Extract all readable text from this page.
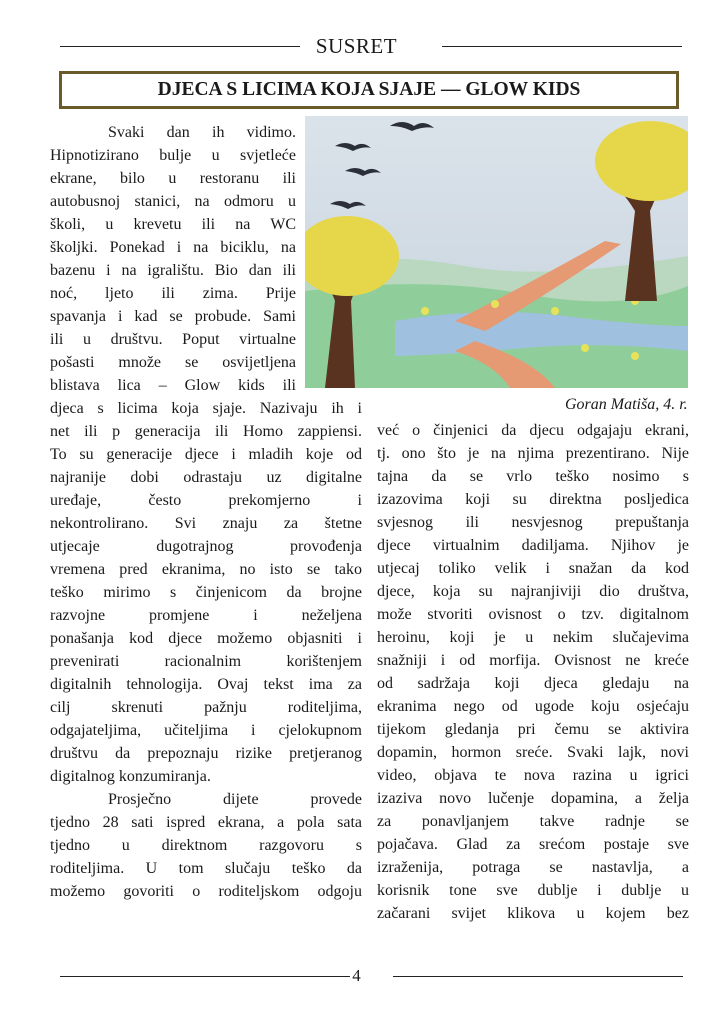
SUSRET
DJECA S LICIMA KOJA SJAJE — GLOW KIDS
Svaki dan ih vidimo.
Hipnotizirano bulje u svjetleće
ekrane, bilo u restoranu ili
autobusnoj stanici, na odmoru u
školi, u krevetu ili na WC
školjki. Ponekad i na biciklu, na
bazenu i na igralištu. Bio dan ili
noć, ljeto ili zima. Prije
spavanja i kad se probude. Sami
ili u društvu. Poput virtualne
pošasti množe se osvijetljena
blistava lica – Glow kids ili
djeca s licima koja sjaje. Nazivaju ih i
net ili p generacija ili Homo zappiensi.
To su generacije djece i mladih koje od
najranije dobi odrastaju uz digitalne
uređaje, često prekomjerno i
nekontrolirano. Svi znaju za štetne
utjecaje dugotrajnog provođenja
vremena pred ekranima, no isto se tako
teško mirimo s činjenicom da brojne
razvojne promjene i neželjena
ponašanja kod djece možemo objasniti i
prevenirati racionalnim korištenjem
digitalnih tehnologija. Ovaj tekst ima za
cilj skrenuti pažnju roditeljima,
odgajateljima, učiteljima i cjelokupnom
društvu da prepoznaju rizike pretjeranog
digitalnog konzumiranja.
Prosječno dijete provede
tjedno 28 sati ispred ekrana, a pola sata
tjedno u direktnom razgovoru s
roditeljima. U tom slučaju teško da
možemo govoriti o roditeljskom odgoju
već o činjenici da djecu odgajaju ekrani,
tj. ono što je na njima prezentirano. Nije
tajna da se vrlo teško nosimo s
izazovima koji su direktna posljedica
svjesnog ili nesvjesnog prepuštanja
djece virtualnim dadiljama. Njihov je
utjecaj toliko velik i snažan da kod
djece, koja su najranjiviji dio društva,
može stvoriti ovisnost o tzv. digitalnom
heroinu, koji je u nekim slučajevima
snažniji i od morfija. Ovisnost ne kreće
od sadržaja koji djeca gledaju na
ekranima nego od ugode koju osjećaju
tijekom gledanja pri čemu se aktivira
dopamin, hormon sreće. Svaki lajk, novi
video, objava te nova razina u igrici
izaziva novo lučenje dopamina, a želja
za ponavljanjem takve radnje se
pojačava. Glad za srećom postaje sve
izraženija, potraga se nastavlja, a
korisnik tone sve dublje i dublje u
začarani svijet klikova u kojem bez
Goran Matiša, 4. r.
4
